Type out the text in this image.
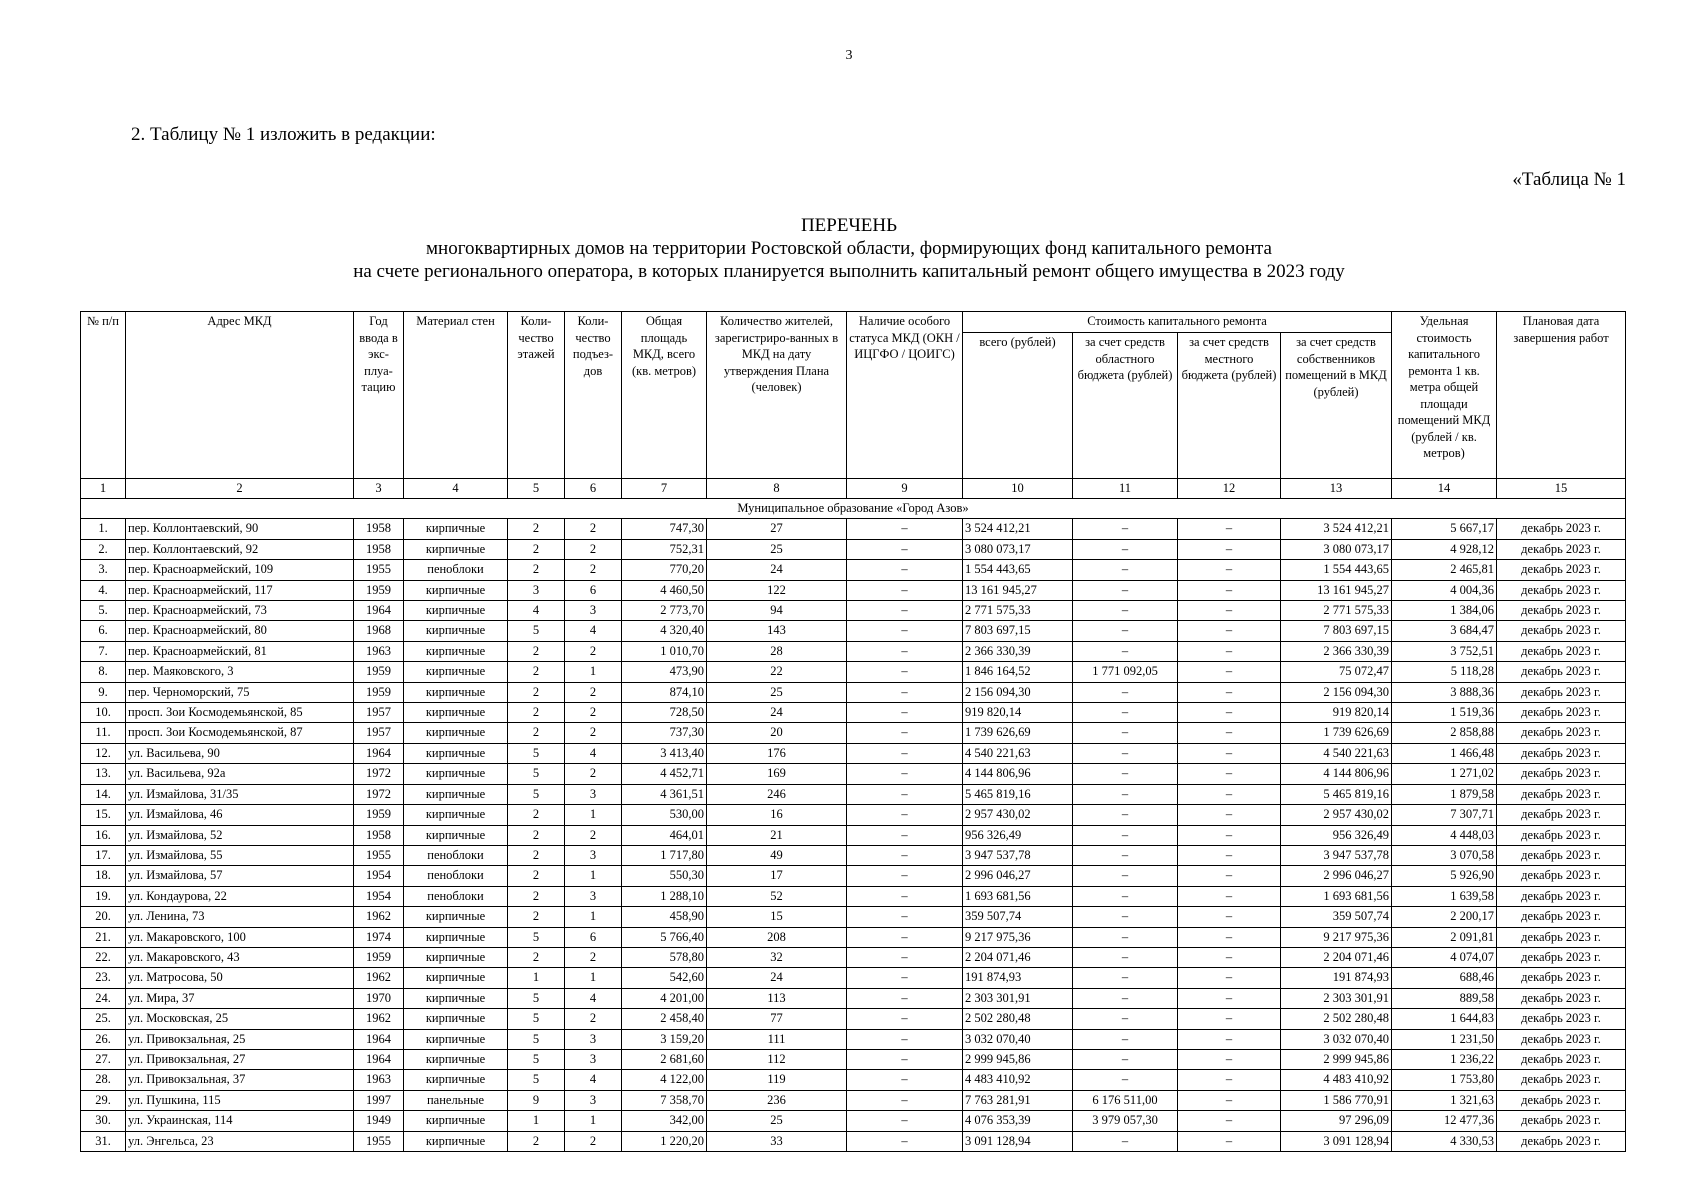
3
2. Таблицу № 1 изложить в редакции:
«Таблица № 1
ПЕРЕЧЕНЬ
многоквартирных домов на территории Ростовской области, формирующих фонд капитального ремонта
на счете регионального оператора, в которых планируется выполнить капитальный ремонт общего имущества в 2023 году
№ п/п	Адрес МКД	Год ввода в экс-плуа-тацию	Материал стен	Коли-чество этажей	Коли-чество подъез-дов	Общая площадь МКД, всего (кв. метров)	Количество жителей, зарегистриро-ванных в МКД на дату утверждения Плана (человек)	Наличие особого статуса МКД (ОКН / ИЦГФО / ЦОИГС)	Стоимость капитального ремонта				Удельная стоимость капитального ремонта 1 кв. метра общей площади помещений МКД (рублей / кв. метров)	Плановая дата завершения работ
									всего (рублей)	за счет средств областного бюджета (рублей)	за счет средств местного бюджета (рублей)	за счет средств собственников помещений в МКД (рублей)		
1	2	3	4	5	6	7	8	9	10	11	12	13	14	15
Муниципальное образование «Город Азов»														
1.	пер. Коллонтаевский, 90	1958	кирпичные	2	2	747,30	27	–	3 524 412,21	–	–	3 524 412,21	5 667,17	декабрь 2023 г.
2.	пер. Коллонтаевский, 92	1958	кирпичные	2	2	752,31	25	–	3 080 073,17	–	–	3 080 073,17	4 928,12	декабрь 2023 г.
3.	пер. Красноармейский, 109	1955	пеноблоки	2	2	770,20	24	–	1 554 443,65	–	–	1 554 443,65	2 465,81	декабрь 2023 г.
4.	пер. Красноармейский, 117	1959	кирпичные	3	6	4 460,50	122	–	13 161 945,27	–	–	13 161 945,27	4 004,36	декабрь 2023 г.
5.	пер. Красноармейский, 73	1964	кирпичные	4	3	2 773,70	94	–	2 771 575,33	–	–	2 771 575,33	1 384,06	декабрь 2023 г.
6.	пер. Красноармейский, 80	1968	кирпичные	5	4	4 320,40	143	–	7 803 697,15	–	–	7 803 697,15	3 684,47	декабрь 2023 г.
7.	пер. Красноармейский, 81	1963	кирпичные	2	2	1 010,70	28	–	2 366 330,39	–	–	2 366 330,39	3 752,51	декабрь 2023 г.
8.	пер. Маяковского, 3	1959	кирпичные	2	1	473,90	22	–	1 846 164,52	1 771 092,05	–	75 072,47	5 118,28	декабрь 2023 г.
9.	пер. Черноморский, 75	1959	кирпичные	2	2	874,10	25	–	2 156 094,30	–	–	2 156 094,30	3 888,36	декабрь 2023 г.
10.	просп. Зои Космодемьянской, 85	1957	кирпичные	2	2	728,50	24	–	919 820,14	–	–	919 820,14	1 519,36	декабрь 2023 г.
11.	просп. Зои Космодемьянской, 87	1957	кирпичные	2	2	737,30	20	–	1 739 626,69	–	–	1 739 626,69	2 858,88	декабрь 2023 г.
12.	ул. Васильева, 90	1964	кирпичные	5	4	3 413,40	176	–	4 540 221,63	–	–	4 540 221,63	1 466,48	декабрь 2023 г.
13.	ул. Васильева, 92а	1972	кирпичные	5	2	4 452,71	169	–	4 144 806,96	–	–	4 144 806,96	1 271,02	декабрь 2023 г.
14.	ул. Измайлова, 31/35	1972	кирпичные	5	3	4 361,51	246	–	5 465 819,16	–	–	5 465 819,16	1 879,58	декабрь 2023 г.
15.	ул. Измайлова, 46	1959	кирпичные	2	1	530,00	16	–	2 957 430,02	–	–	2 957 430,02	7 307,71	декабрь 2023 г.
16.	ул. Измайлова, 52	1958	кирпичные	2	2	464,01	21	–	956 326,49	–	–	956 326,49	4 448,03	декабрь 2023 г.
17.	ул. Измайлова, 55	1955	пеноблоки	2	3	1 717,80	49	–	3 947 537,78	–	–	3 947 537,78	3 070,58	декабрь 2023 г.
18.	ул. Измайлова, 57	1954	пеноблоки	2	1	550,30	17	–	2 996 046,27	–	–	2 996 046,27	5 926,90	декабрь 2023 г.
19.	ул. Кондаурова, 22	1954	пеноблоки	2	3	1 288,10	52	–	1 693 681,56	–	–	1 693 681,56	1 639,58	декабрь 2023 г.
20.	ул. Ленина, 73	1962	кирпичные	2	1	458,90	15	–	359 507,74	–	–	359 507,74	2 200,17	декабрь 2023 г.
21.	ул. Макаровского, 100	1974	кирпичные	5	6	5 766,40	208	–	9 217 975,36	–	–	9 217 975,36	2 091,81	декабрь 2023 г.
22.	ул. Макаровского, 43	1959	кирпичные	2	2	578,80	32	–	2 204 071,46	–	–	2 204 071,46	4 074,07	декабрь 2023 г.
23.	ул. Матросова, 50	1962	кирпичные	1	1	542,60	24	–	191 874,93	–	–	191 874,93	688,46	декабрь 2023 г.
24.	ул. Мира, 37	1970	кирпичные	5	4	4 201,00	113	–	2 303 301,91	–	–	2 303 301,91	889,58	декабрь 2023 г.
25.	ул. Московская, 25	1962	кирпичные	5	2	2 458,40	77	–	2 502 280,48	–	–	2 502 280,48	1 644,83	декабрь 2023 г.
26.	ул. Привокзальная, 25	1964	кирпичные	5	3	3 159,20	111	–	3 032 070,40	–	–	3 032 070,40	1 231,50	декабрь 2023 г.
27.	ул. Привокзальная, 27	1964	кирпичные	5	3	2 681,60	112	–	2 999 945,86	–	–	2 999 945,86	1 236,22	декабрь 2023 г.
28.	ул. Привокзальная, 37	1963	кирпичные	5	4	4 122,00	119	–	4 483 410,92	–	–	4 483 410,92	1 753,80	декабрь 2023 г.
29.	ул. Пушкина, 115	1997	панельные	9	3	7 358,70	236	–	7 763 281,91	6 176 511,00	–	1 586 770,91	1 321,63	декабрь 2023 г.
30.	ул. Украинская, 114	1949	кирпичные	1	1	342,00	25	–	4 076 353,39	3 979 057,30	–	97 296,09	12 477,36	декабрь 2023 г.
31.	ул. Энгельса, 23	1955	кирпичные	2	2	1 220,20	33	–	3 091 128,94	–	–	3 091 128,94	4 330,53	декабрь 2023 г.
